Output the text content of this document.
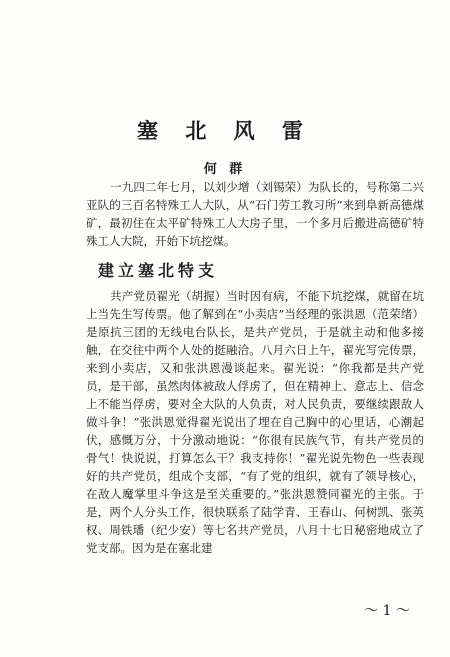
塞 北 风 雷
何 群

一九四二年七月，以刘少增（刘锡荣）为队长的，号称第二兴亚队的三百名特殊工人大队，从“石门劳工教习所”来到阜新高德煤矿，最初住在太平矿特殊工人大房子里，一个多月后搬进高德矿特殊工人大院，开始下坑挖煤。

建立塞北特支

共产党员翟光（胡握）当时因有病，不能下坑挖煤，就留在坑上当先生写传票。他了解到在“小卖店”当经理的张洪恩（范荣绪）是原抗三团的无线电台队长，是共产党员，于是就主动和他多接触，在交往中两个人处的挺融洽。八月六日上午，翟光写完传票，来到小卖店，又和张洪恩漫谈起来。翟光说：“你我都是共产党员，是干部，虽然肉体被敌人俘虏了，但在精神上、意志上、信念上不能当俘虏，要对全大队的人负责，对人民负责，要继续跟敌人做斗争！”张洪恩觉得翟光说出了埋在自己胸中的心里话，心潮起伏，感慨万分，十分激动地说：“你很有民族气节，有共产党员的骨气！快说说，打算怎么干？我支持你！”翟光说先物色一些表现好的共产党员，组成个支部，“有了党的组织，就有了领导核心，在敌人魔掌里斗争这是至关重要的。”张洪恩赞同翟光的主张。于是，两个人分头工作，很快联系了陆学青、王春山、何树凯、张英权、周铁璠（纪少安）等七名共产党员，八月十七日秘密地成立了党支部。因为是在塞北建

～ 1 ～
